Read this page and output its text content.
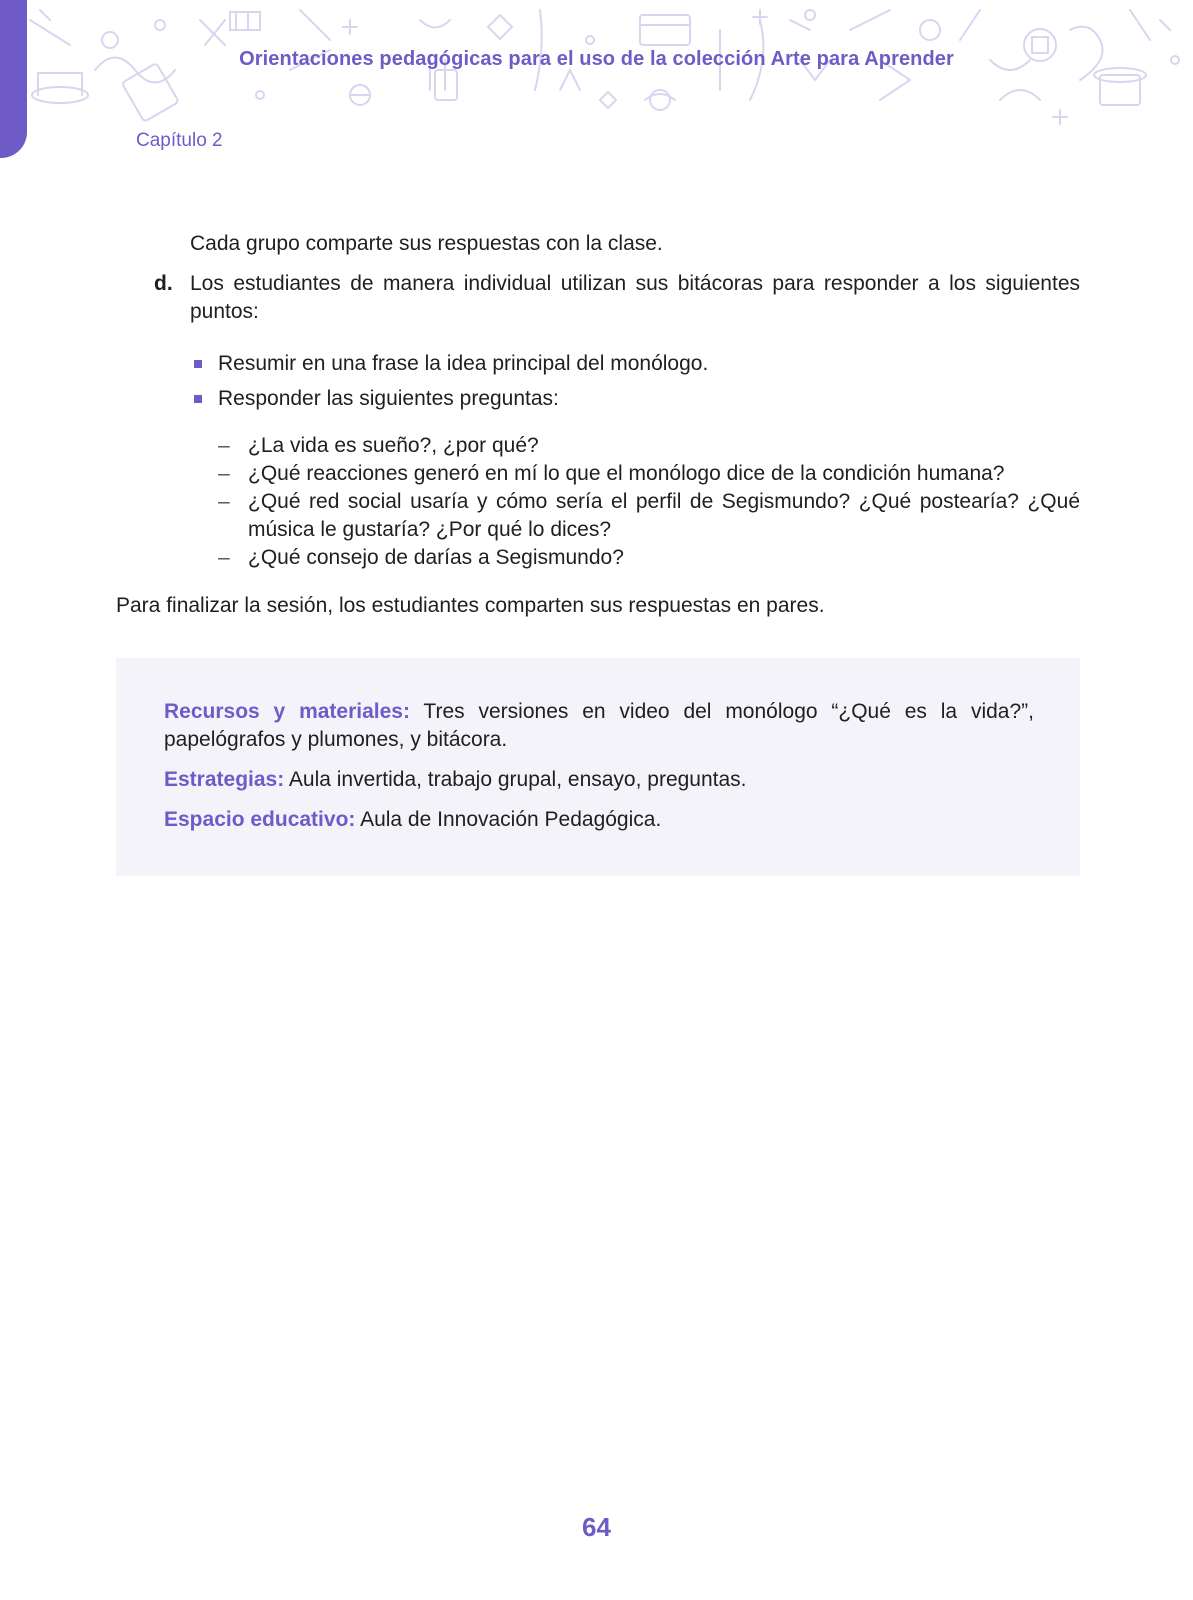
Orientaciones pedagógicas para el uso de la colección Arte para Aprender
Capítulo 2
Cada grupo comparte sus respuestas con la clase.
d. Los estudiantes de manera individual utilizan sus bitácoras para responder a los siguientes puntos:
Resumir en una frase la idea principal del monólogo.
Responder las siguientes preguntas:
– ¿La vida es sueño?, ¿por qué?
– ¿Qué reacciones generó en mí lo que el monólogo dice de la condición humana?
– ¿Qué red social usaría y cómo sería el perfil de Segismundo? ¿Qué postearía? ¿Qué música le gustaría? ¿Por qué lo dices?
– ¿Qué consejo de darías a Segismundo?
Para finalizar la sesión, los estudiantes comparten sus respuestas en pares.

Recursos y materiales: Tres versiones en video del monólogo “¿Qué es la vida?”, papelógrafos y plumones, y bitácora.

Estrategias: Aula invertida, trabajo grupal, ensayo, preguntas.

Espacio educativo: Aula de Innovación Pedagógica.

64
